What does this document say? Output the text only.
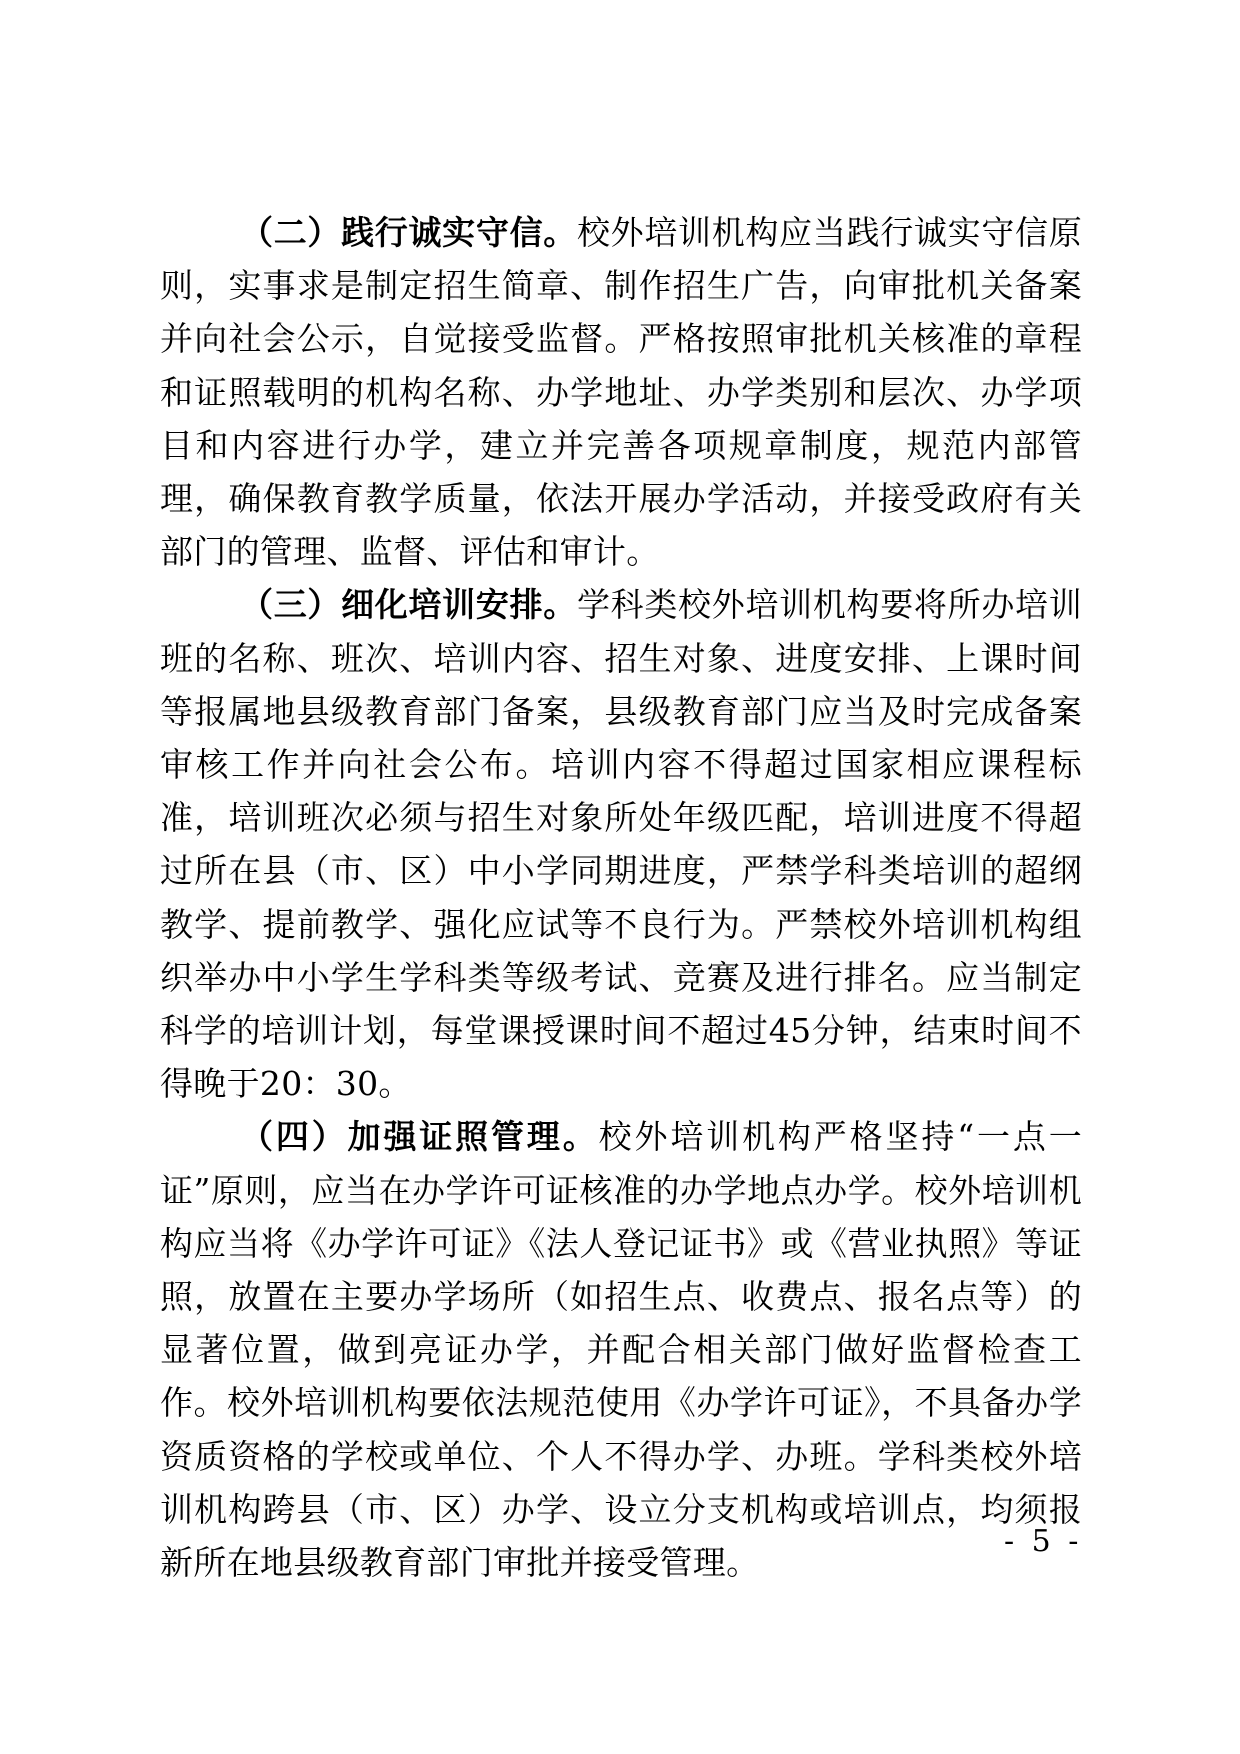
（二）践行诚实守信。校外培训机构应当践行诚实守信原则，实事求是制定招生简章、制作招生广告，向审批机关备案并向社会公示，自觉接受监督。严格按照审批机关核准的章程和证照载明的机构名称、办学地址、办学类别和层次、办学项目和内容进行办学，建立并完善各项规章制度，规范内部管理，确保教育教学质量，依法开展办学活动，并接受政府有关部门的管理、监督、评估和审计。

（三）细化培训安排。学科类校外培训机构要将所办培训班的名称、班次、培训内容、招生对象、进度安排、上课时间等报属地县级教育部门备案，县级教育部门应当及时完成备案审核工作并向社会公布。培训内容不得超过国家相应课程标准，培训班次必须与招生对象所处年级匹配，培训进度不得超过所在县（市、区）中小学同期进度，严禁学科类培训的超纲教学、提前教学、强化应试等不良行为。严禁校外培训机构组织举办中小学生学科类等级考试、竞赛及进行排名。应当制定科学的培训计划，每堂课授课时间不超过45分钟，结束时间不得晚于20：30。

（四）加强证照管理。校外培训机构严格坚持“一点一证”原则，应当在办学许可证核准的办学地点办学。校外培训机构应当将《办学许可证》《法人登记证书》或《营业执照》等证照，放置在主要办学场所（如招生点、收费点、报名点等）的显著位置，做到亮证办学，并配合相关部门做好监督检查工作。校外培训机构要依法规范使用《办学许可证》，不具备办学资质资格的学校或单位、个人不得办学、办班。学科类校外培训机构跨县（市、区）办学、设立分支机构或培训点，均须报新所在地县级教育部门审批并接受管理。

- 5 -
